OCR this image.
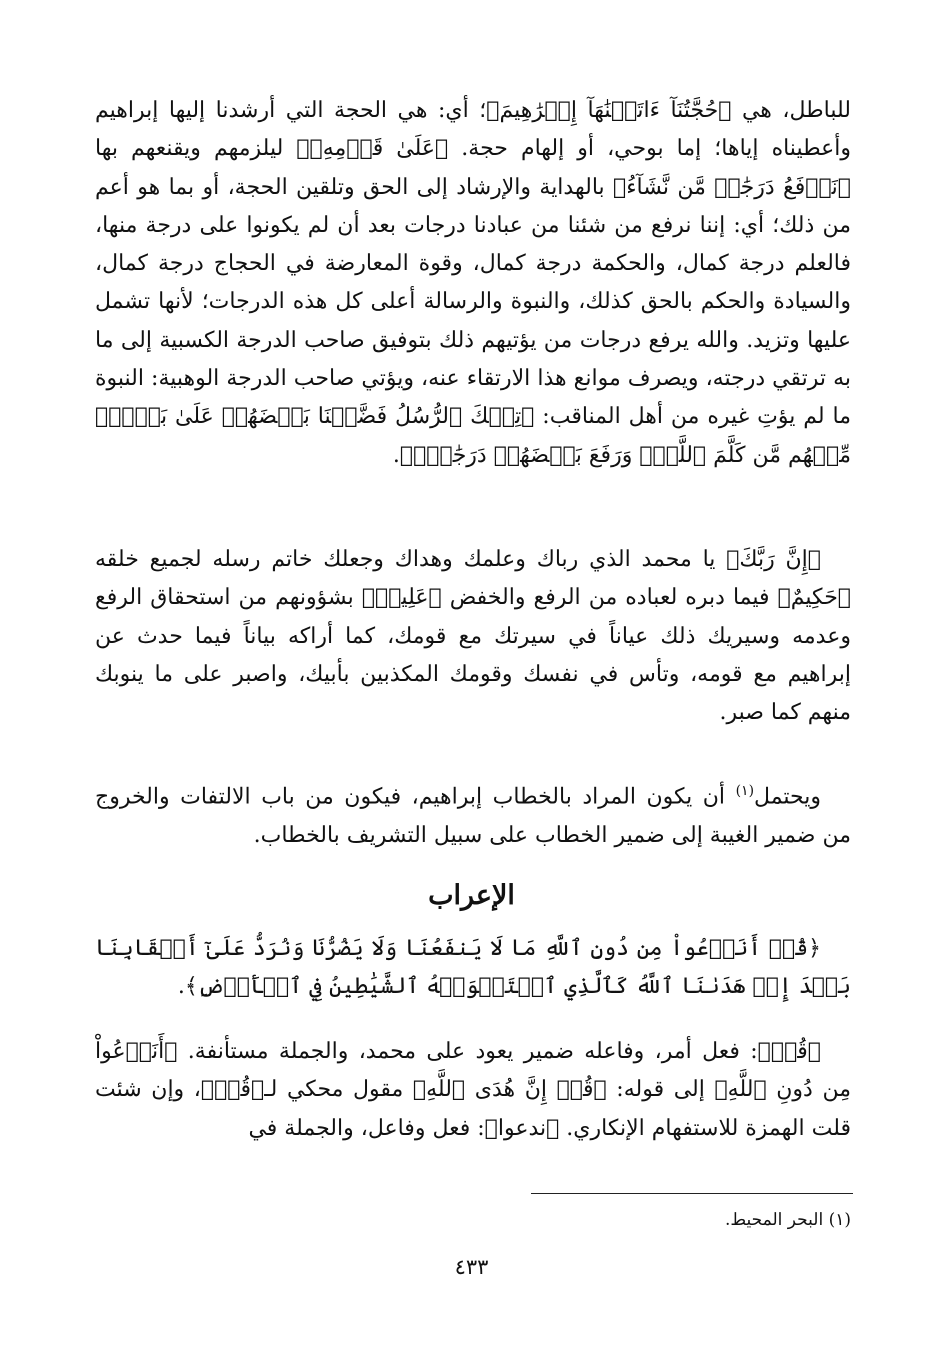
للباطل، هي ﴿حُجَّتُنَآ ءَاتَيۡنَٰهَآ إِبۡرَٰهِيمَ﴾؛ أي: هي الحجة التي أرشدنا إليها إبراهيم وأعطيناه إياها؛ إما بوحي، أو إلهام حجة. ﴿عَلَىٰ قَوۡمِهِۦ﴾ ليلزمهم ويقنعهم بها ﴿نَرۡفَعُ دَرَجَٰتٖ مَّن نَّشَآءُ﴾ بالهداية والإرشاد إلى الحق وتلقين الحجة، أو بما هو أعم من ذلك؛ أي: إننا نرفع من شئنا من عبادنا درجات بعد أن لم يكونوا على درجة منها، فالعلم درجة كمال، والحكمة درجة كمال، وقوة المعارضة في الحجاج درجة كمال، والسيادة والحكم بالحق كذلك، والنبوة والرسالة أعلى كل هذه الدرجات؛ لأنها تشمل عليها وتزيد. والله يرفع درجات من يؤتيهم ذلك بتوفيق صاحب الدرجة الكسبية إلى ما به ترتقي درجته، ويصرف موانع هذا الارتقاء عنه، ويؤتي صاحب الدرجة الوهبية: النبوة ما لم يؤتِ غيره من أهل المناقب: ﴿تِلۡكَ ٱلرُّسُلُ فَضَّلۡنَا بَعۡضَهُمۡ عَلَىٰ بَعۡضٖۘ مِّنۡهُم مَّن كَلَّمَ ٱللَّهُۖ وَرَفَعَ بَعۡضَهُمۡ دَرَجَٰتٖۚ﴾.

﴿إِنَّ رَبَّكَ﴾ يا محمد الذي رباك وعلمك وهداك وجعلك خاتم رسله لجميع خلقه ﴿حَكِيمٌ﴾ فيما دبره لعباده من الرفع والخفض ﴿عَلِيمٞ﴾ بشؤونهم من استحقاق الرفع وعدمه وسيريك ذلك عياناً في سيرتك مع قومك، كما أراكه بياناً فيما حدث عن إبراهيم مع قومه، وتأس في نفسك وقومك المكذبين بأبيك، واصبر على ما ينوبك منهم كما صبر.

ويحتمل$^{(١)}$ أن يكون المراد بالخطاب إبراهيم، فيكون من باب الالتفات والخروج من ضمير الغيبة إلى ضمير الخطاب على سبيل التشريف بالخطاب.

الإعراب

﴿قُلۡ أَنَدۡعُواْ مِن دُونِ ٱللَّهِ مَا لَا يَنفَعُنَا وَلَا يَضُرُّنَا وَنُرَدُّ عَلَىٰٓ أَعۡقَابِنَا بَعۡدَ إِذۡ هَدَىٰنَا ٱللَّهُ كَٱلَّذِي ٱسۡتَهۡوَتۡهُ ٱلشَّيَٰطِينُ فِي ٱلۡأَرۡضِ﴾.

﴿قُلۡ﴾: فعل أمر، وفاعله ضمير يعود على محمد، والجملة مستأنفة. ﴿أَنَدۡعُواْ مِن دُونِ ٱللَّهِ﴾ إلى قوله: ﴿قُلۡ إِنَّ هُدَى ٱللَّهِ﴾ مقول محكي لـ﴿قُلۡ﴾، وإن شئت قلت الهمزة للاستفهام الإنكاري. ﴿ندعوا﴾: فعل وفاعل، والجملة في

(١) البحر المحيط.

٤٣٣
